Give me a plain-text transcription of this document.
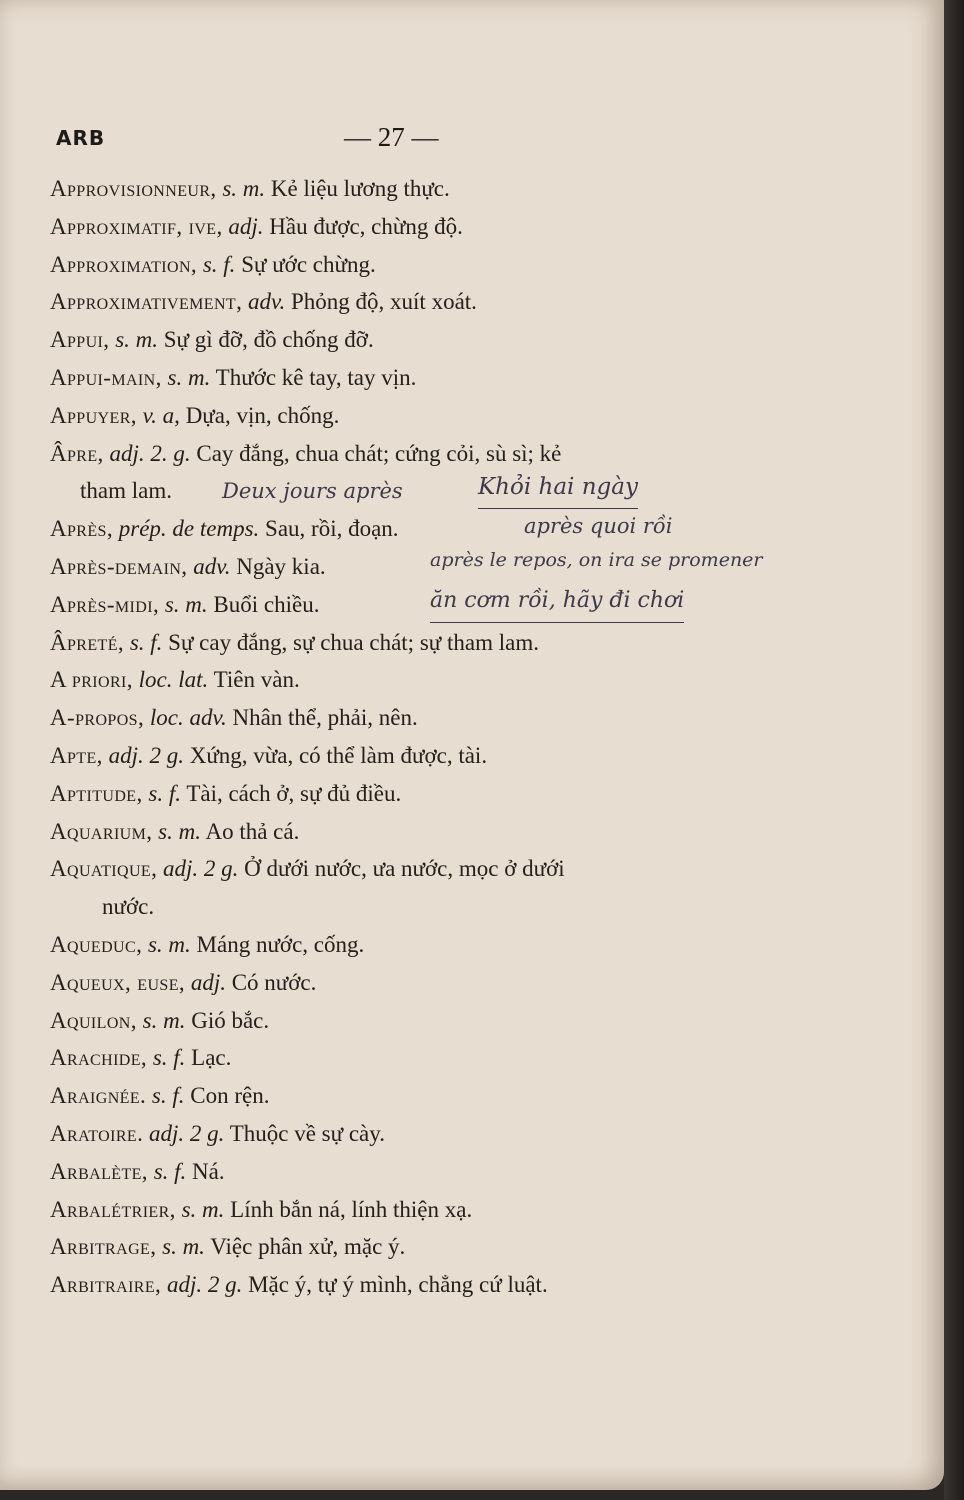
ARB	— 27 —
Approvisionneur, s. m. Kẻ liệu lương thực.
Approximatif, ive, adj. Hầu được, chừng độ.
Approximation, s. f. Sự ước chừng.
Approximativement, adv. Phỏng độ, xuít xoát.
Appui, s. m. Sự gì đỡ, đồ chống đỡ.
Appui-main, s. m. Thước kê tay, tay vịn.
Appuyer, v. a, Dựa, vịn, chống.
Âpre, adj. 2. g. Cay đắng, chua chát; cứng cỏi, sù sì; kẻ
tham lam.	Deux jours après	Khỏi hai ngày
Après, prép. de temps. Sau, rồi, đoạn.	après quoi rồi
Après-demain, adv. Ngày kia.	après le repos, on ira se promener
Après-midi, s. m. Buổi chiều.	ăn cơm rồi, hãy đi chơi
Âpreté, s. f. Sự cay đắng, sự chua chát; sự tham lam.
A priori, loc. lat. Tiên vàn.
A-propos, loc. adv. Nhân thể, phải, nên.
Apte, adj. 2 g. Xứng, vừa, có thể làm được, tài.
Aptitude, s. f. Tài, cách ở, sự đủ điều.
Aquarium, s. m. Ao thả cá.
Aquatique, adj. 2 g. Ở dưới nước, ưa nước, mọc ở dưới
nước.
Aqueduc, s. m. Máng nước, cống.
Aqueux, euse, adj. Có nước.
Aquilon, s. m. Gió bắc.
Arachide, s. f. Lạc.
Araignée. s. f. Con rện.
Aratoire. adj. 2 g. Thuộc về sự cày.
Arbalète, s. f. Ná.
Arbalétrier, s. m. Lính bắn ná, lính thiện xạ.
Arbitrage, s. m. Việc phân xử, mặc ý.
Arbitraire, adj. 2 g. Mặc ý, tự ý mình, chẳng cứ luật.
